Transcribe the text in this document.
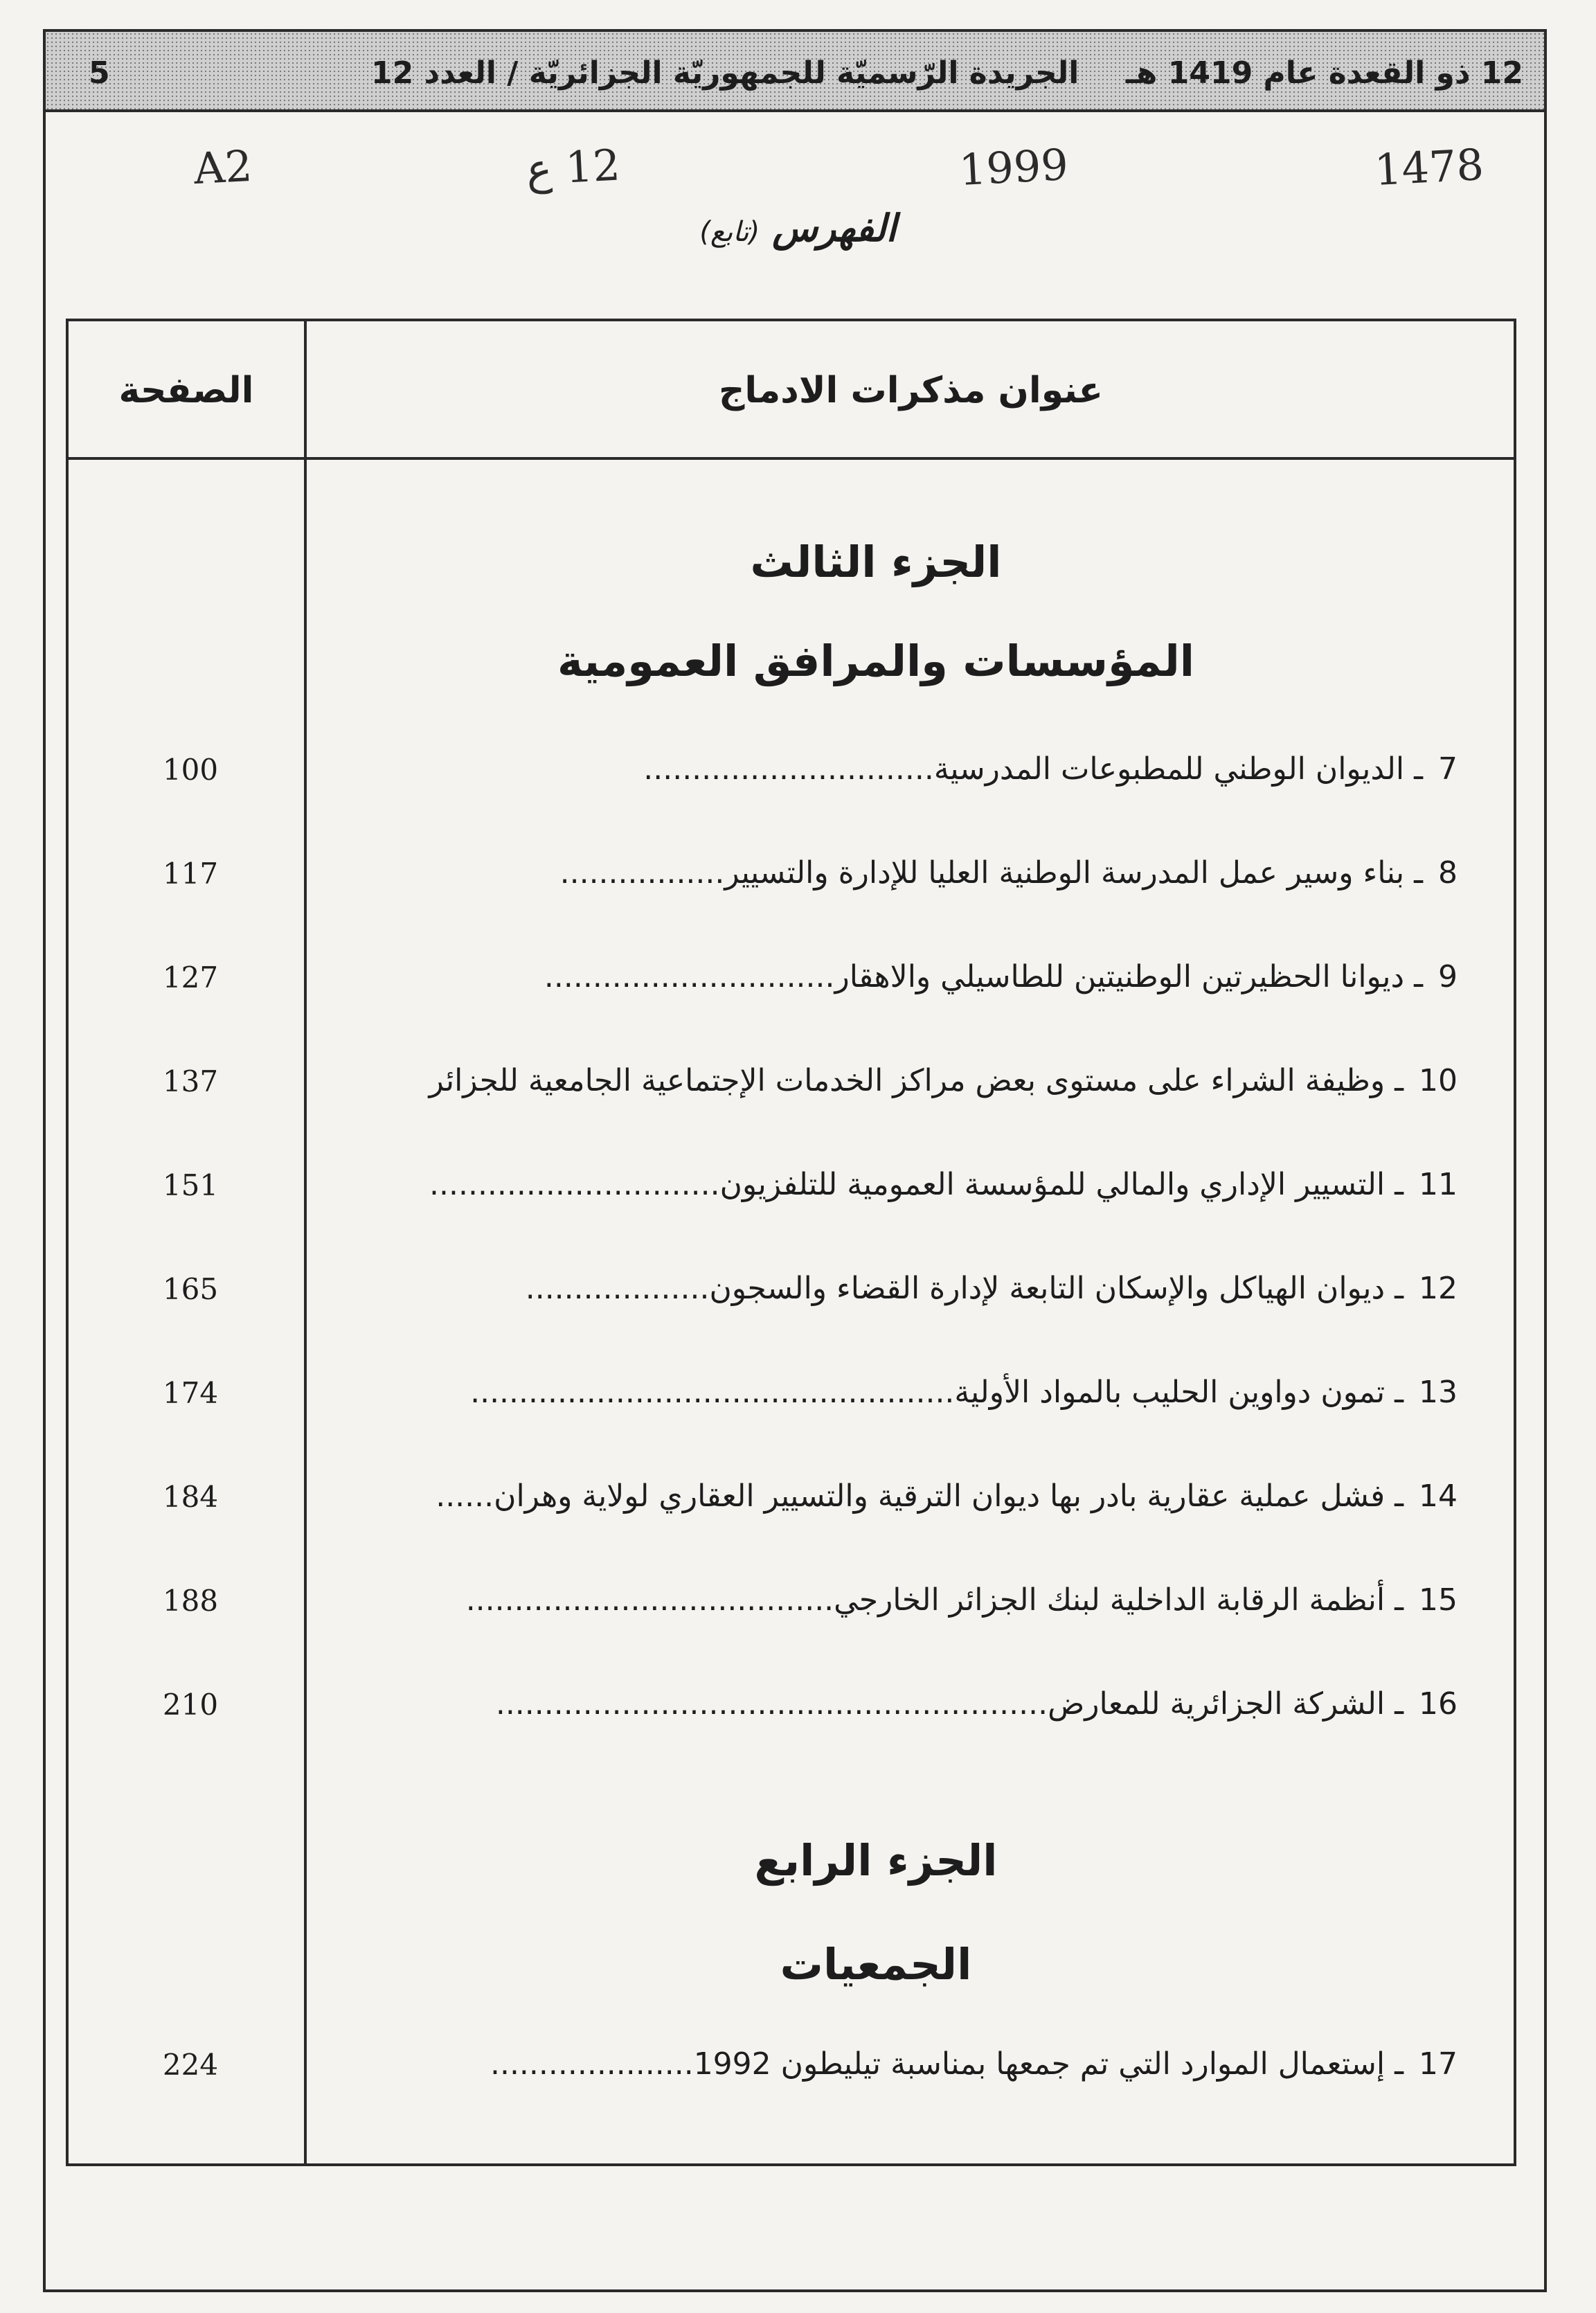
12 ذو القعدة عام 1419 هـ
الجريدة الرّسميّة للجمهوريّة الجزائريّة / العدد 12
5
1478
1999
12 ع
A2
الفهرس(تابع)
عنوان مذكرات الادماج
الصفحة
الجزء الثالث
المؤسسات والمرافق العمومية
الجزء الرابع
الجمعيات
7 ـ الديوان الوطني للمطبوعات المدرسية..............................
100
8 ـ بناء وسير عمل المدرسة الوطنية العليا للإدارة والتسيير.................
117
9 ـ ديوانا الحظيرتين الوطنيتين للطاسيلي والاهقار..............................
127
10 ـ وظيفة الشراء على مستوى بعض مراكز الخدمات الإجتماعية الجامعية للجزائر
137
11 ـ التسيير الإداري والمالي للمؤسسة العمومية للتلفزيون..............................
151
12 ـ ديوان الهياكل والإسكان التابعة لإدارة القضاء والسجون...................
165
13 ـ تمون دواوين الحليب بالمواد الأولية..................................................
174
14 ـ فشل عملية عقارية بادر بها ديوان الترقية والتسيير العقاري لولاية وهران......
184
15 ـ أنظمة الرقابة الداخلية لبنك الجزائر الخارجي......................................
188
16 ـ الشركة الجزائرية للمعارض.........................................................
210
17 ـ إستعمال الموارد التي تم جمعها بمناسبة تيليطون 1992.....................
224
